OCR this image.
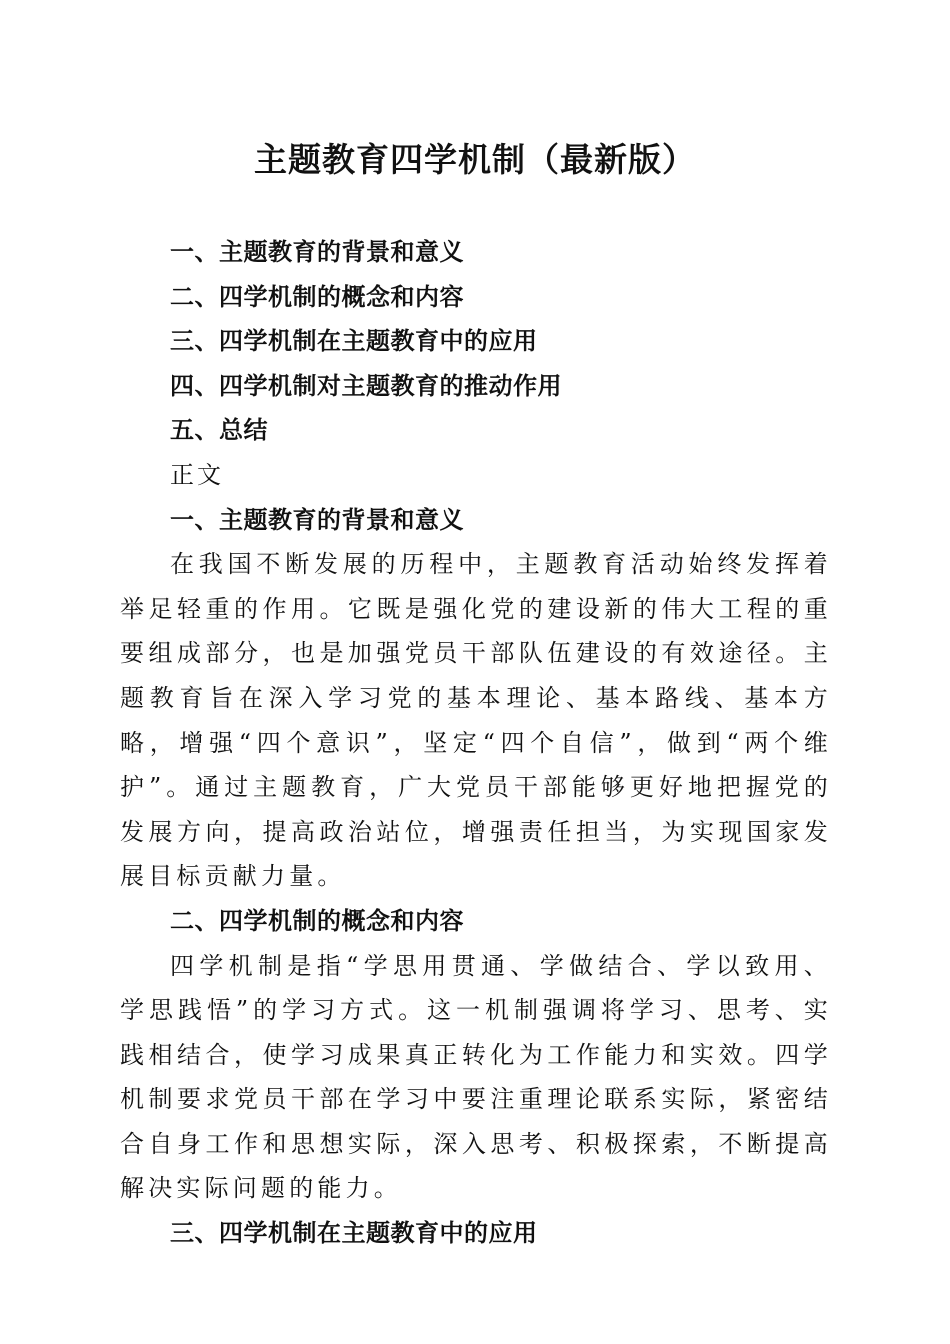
主题教育四学机制（最新版）

一、主题教育的背景和意义

二、四学机制的概念和内容

三、四学机制在主题教育中的应用

四、四学机制对主题教育的推动作用

五、总结

正文

一、主题教育的背景和意义

在我国不断发展的历程中，主题教育活动始终发挥着举足轻重的作用。它既是强化党的建设新的伟大工程的重要组成部分，也是加强党员干部队伍建设的有效途径。主题教育旨在深入学习党的基本理论、基本路线、基本方略，增强“四个意识”，坚定“四个自信”，做到“两个维护”。通过主题教育，广大党员干部能够更好地把握党的发展方向，提高政治站位，增强责任担当，为实现国家发展目标贡献力量。

二、四学机制的概念和内容

四学机制是指“学思用贯通、学做结合、学以致用、学思践悟”的学习方式。这一机制强调将学习、思考、实践相结合，使学习成果真正转化为工作能力和实效。四学机制要求党员干部在学习中要注重理论联系实际，紧密结合自身工作和思想实际，深入思考、积极探索，不断提高解决实际问题的能力。

三、四学机制在主题教育中的应用
